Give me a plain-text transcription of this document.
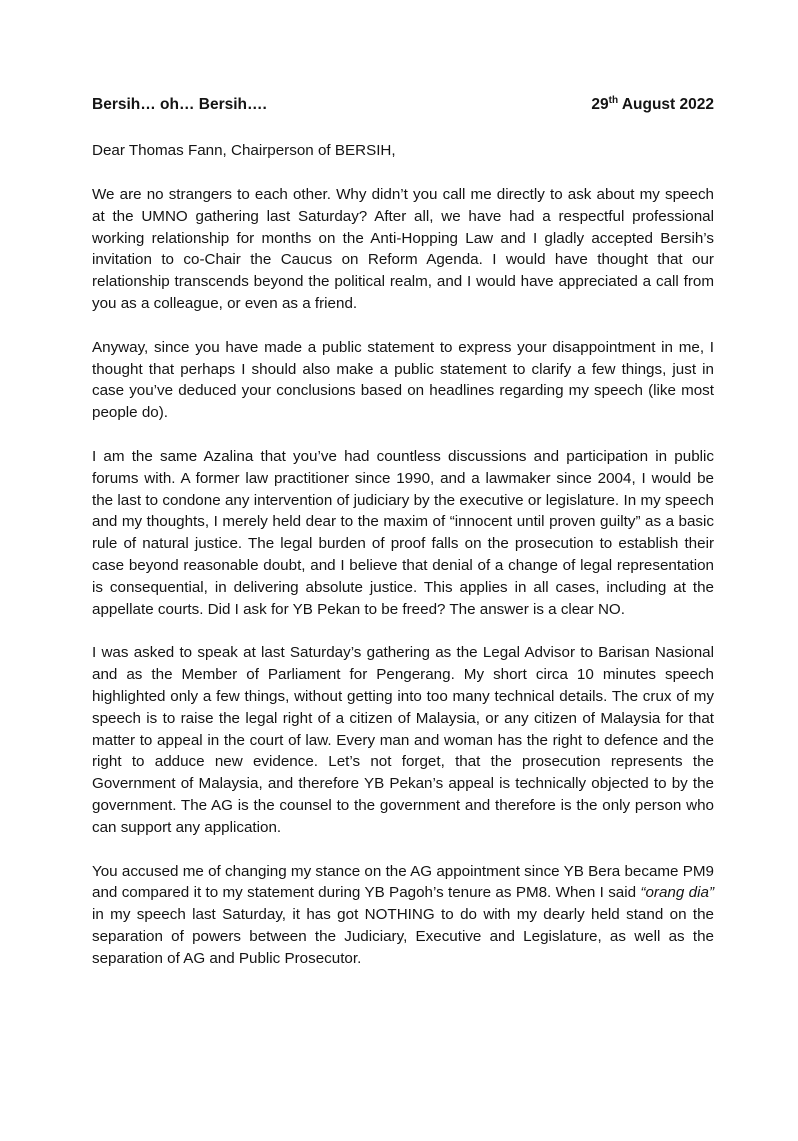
Bersih… oh… Bersih….	29th August 2022
Dear Thomas Fann, Chairperson of BERSIH,

We are no strangers to each other. Why didn’t you call me directly to ask about my speech at the UMNO gathering last Saturday? After all, we have had a respectful professional working relationship for months on the Anti-Hopping Law and I gladly accepted Bersih’s invitation to co-Chair the Caucus on Reform Agenda. I would have thought that our relationship transcends beyond the political realm, and I would have appreciated a call from you as a colleague, or even as a friend.

Anyway, since you have made a public statement to express your disappointment in me, I thought that perhaps I should also make a public statement to clarify a few things, just in case you’ve deduced your conclusions based on headlines regarding my speech (like most people do).

I am the same Azalina that you’ve had countless discussions and participation in public forums with. A former law practitioner since 1990, and a lawmaker since 2004, I would be the last to condone any intervention of judiciary by the executive or legislature. In my speech and my thoughts, I merely held dear to the maxim of “innocent until proven guilty” as a basic rule of natural justice. The legal burden of proof falls on the prosecution to establish their case beyond reasonable doubt, and I believe that denial of a change of legal representation is consequential, in delivering absolute justice. This applies in all cases, including at the appellate courts. Did I ask for YB Pekan to be freed? The answer is a clear NO.

I was asked to speak at last Saturday’s gathering as the Legal Advisor to Barisan Nasional and as the Member of Parliament for Pengerang. My short circa 10 minutes speech highlighted only a few things, without getting into too many technical details. The crux of my speech is to raise the legal right of a citizen of Malaysia, or any citizen of Malaysia for that matter to appeal in the court of law. Every man and woman has the right to defence and the right to adduce new evidence. Let’s not forget, that the prosecution represents the Government of Malaysia, and therefore YB Pekan’s appeal is technically objected to by the government. The AG is the counsel to the government and therefore is the only person who can support any application.

You accused me of changing my stance on the AG appointment since YB Bera became PM9 and compared it to my statement during YB Pagoh’s tenure as PM8. When I said “orang dia” in my speech last Saturday, it has got NOTHING to do with my dearly held stand on the separation of powers between the Judiciary, Executive and Legislature, as well as the separation of AG and Public Prosecutor.
